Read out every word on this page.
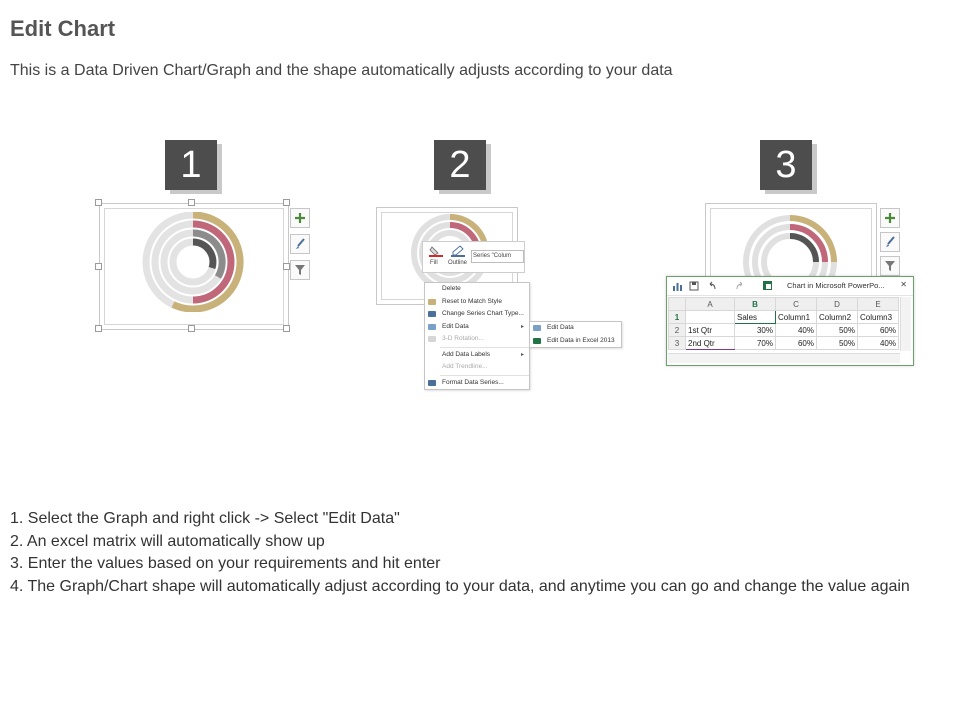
Edit Chart
This is a Data Driven Chart/Graph and the shape automatically adjusts according to your data
1	2
Fill Outline
Series "Colum
Delete
Reset to Match Style
Change Series Chart Type...
Edit Data	▸
3-D Rotation...
Add Data Labels	▸
Add Trendline...
Format Data Series...
Edit Data
Edit Data in Excel 2013
3
Chart in Microsoft PowerPo... ✕
	A	B	C	D	E
1		Sales	Column1	Column2	Column3
2	1st Qtr	30%	40%	50%	60%
3	2nd Qtr	70%	60%	50%	40%
1. Select the Graph and right click -> Select "Edit Data"
2. An excel matrix will automatically show up
3. Enter the values based on your requirements and hit enter
4. The Graph/Chart shape will automatically adjust according to your data, and anytime you can go and change the value again
